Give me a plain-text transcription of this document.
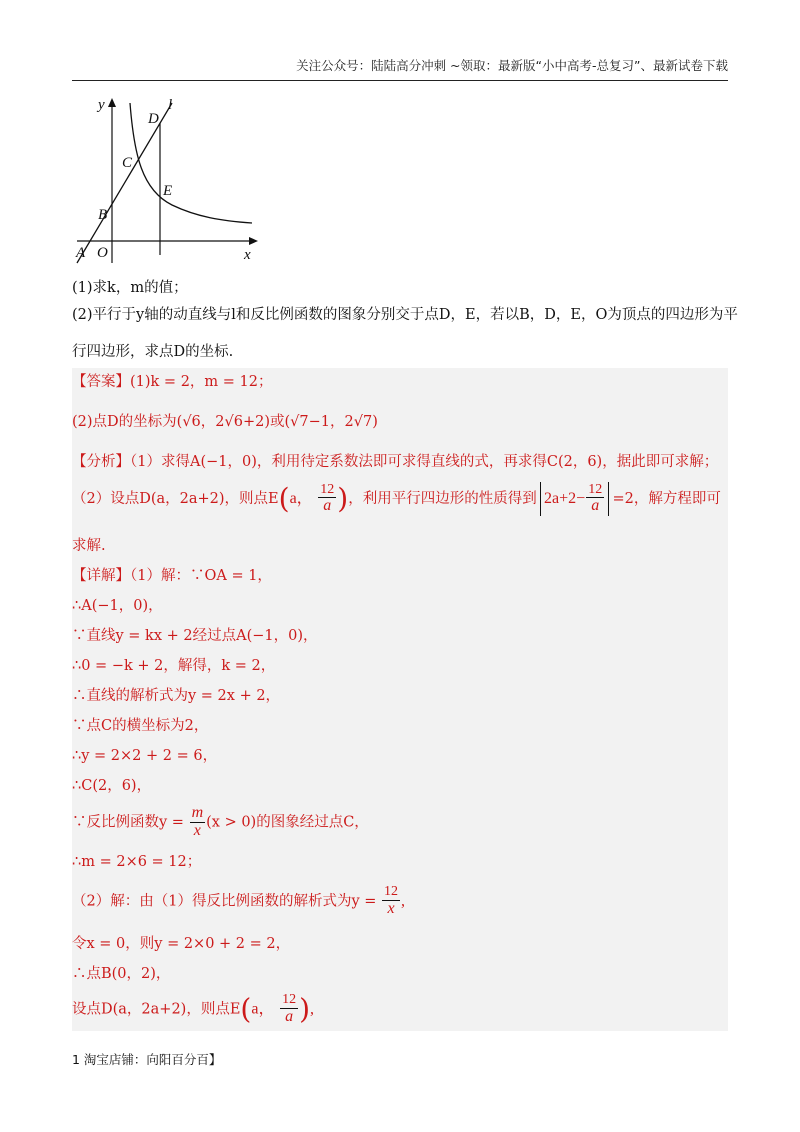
关注公众号：陆陆高分冲刺 ~领取：最新版“小中高考-总复习”、最新试卷下载
y
x
l
D
C
E
B
A O
(1)求k，m的值；
(2)平行于y轴的动直线与l和反比例函数的图象分别交于点D，E，若以B，D，E，O为顶点的四边形为平
行四边形，求点D的坐标.
【答案】(1)k = 2，m = 12；
(2)点D的坐标为(√6，2√6+2)或(√7−1，2√7)
【分析】（1）求得A(−1，0)，利用待定系数法即可求得直线的式，再求得C(2，6)，据此即可求解；
（2）设点D(a，2a+2)，则点E(a， $\frac{12}{a}$ )，利用平行四边形的性质得到 $2a+2- \frac{12}{a} =2$，解方程即可
求解.
【详解】（1）解：∵OA = 1，
∴A(−1，0)，
∵直线y = kx + 2经过点A(−1，0)，
∴0 = −k + 2，解得，k = 2，
∴直线的解析式为y = 2x + 2，
∵点C的横坐标为2，
∴y = 2×2 + 2 = 6，
∴C(2，6)，
∵反比例函数$y = \frac{m}{x} (x > 0)$的图象经过点C，
∴m = 2×6 = 12；
（2）解：由（1）得反比例函数的解析式为$y = \frac{12}{x}$ ,
令x = 0，则y = 2×0 + 2 = 2，
∴点B(0，2)，
设点D(a，2a+2)，则点E(a， $\frac{12}{a}$ ),
1 淘宝店铺：向阳百分百】
